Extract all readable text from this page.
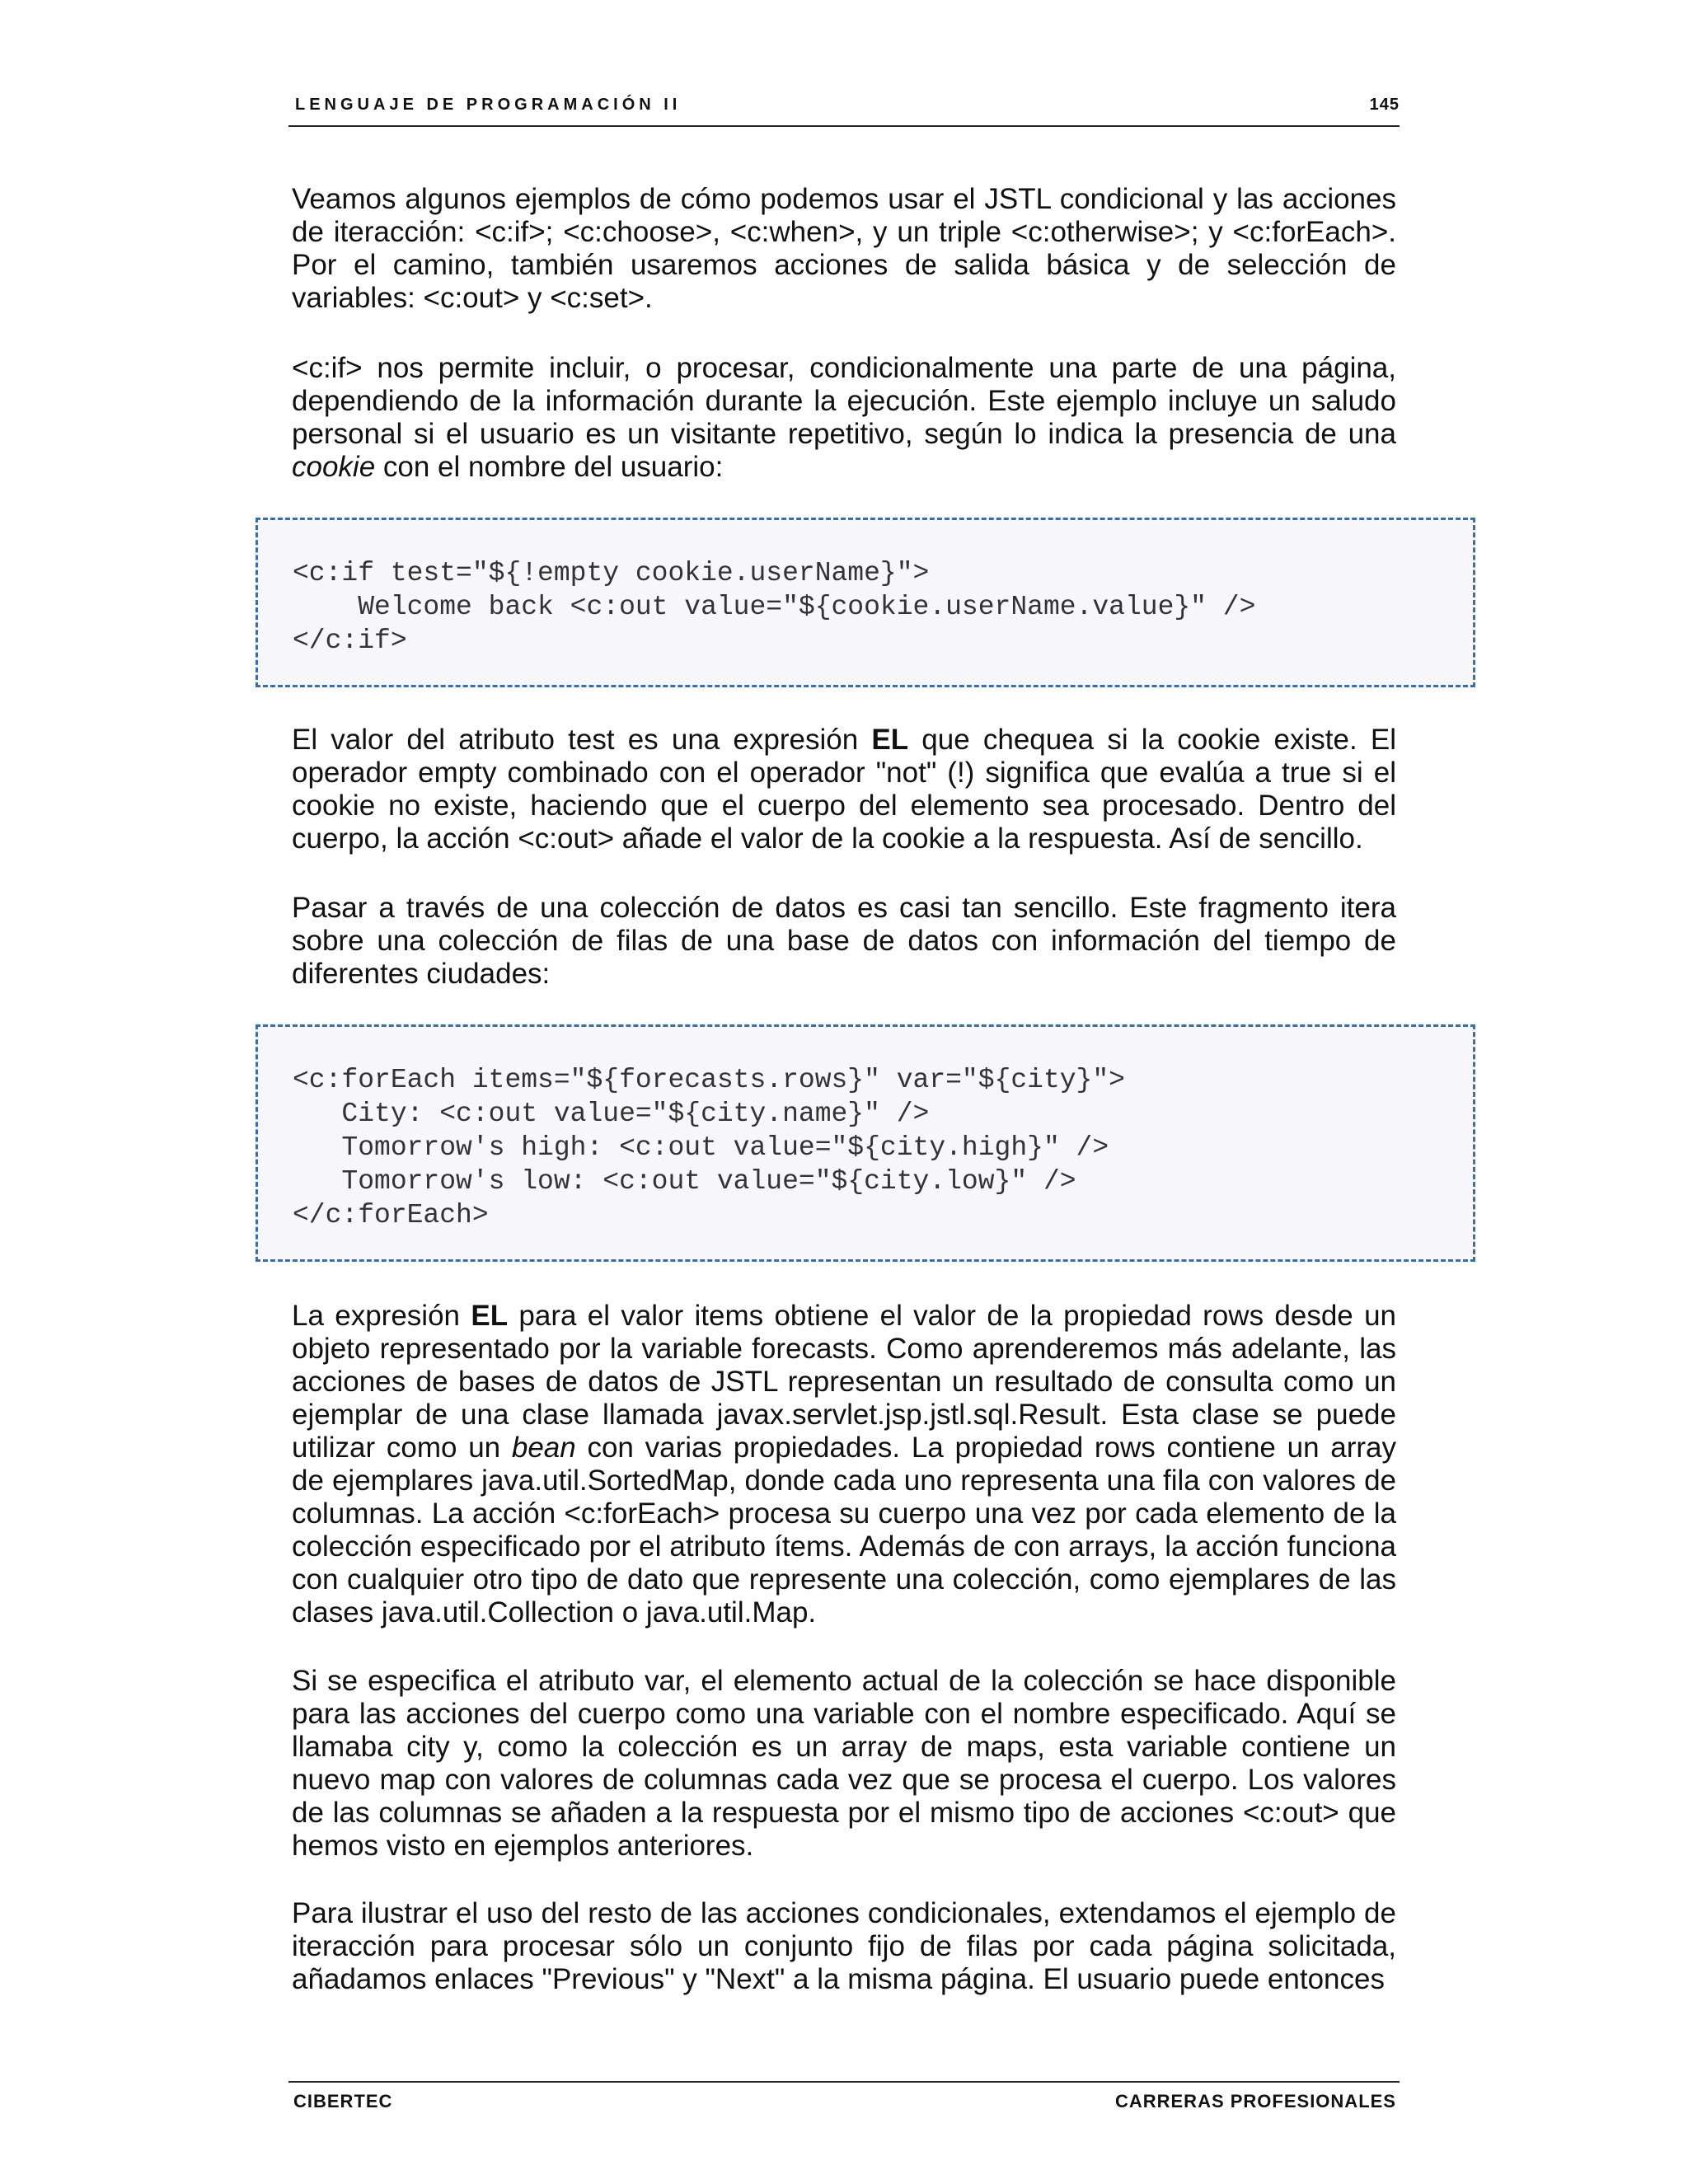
LENGUAJE DE PROGRAMACIÓN II	145

Veamos algunos ejemplos de cómo podemos usar el JSTL condicional y las acciones de iteracción: <c:if>; <c:choose>, <c:when>, y un triple <c:otherwise>; y <c:forEach>. Por el camino, también usaremos acciones de salida básica y de selección de variables: <c:out> y <c:set>.

<c:if> nos permite incluir, o procesar, condicionalmente una parte de una página, dependiendo de la información durante la ejecución. Este ejemplo incluye un saludo personal si el usuario es un visitante repetitivo, según lo indica la presencia de una cookie con el nombre del usuario:

<c:if test="${!empty cookie.userName}">
Welcome back <c:out value="${cookie.userName.value}" />
</c:if>

El valor del atributo test es una expresión EL que chequea si la cookie existe. El operador empty combinado con el operador "not" (!) significa que evalúa a true si el cookie no existe, haciendo que el cuerpo del elemento sea procesado. Dentro del cuerpo, la acción <c:out> añade el valor de la cookie a la respuesta. Así de sencillo.

Pasar a través de una colección de datos es casi tan sencillo. Este fragmento itera sobre una colección de filas de una base de datos con información del tiempo de diferentes ciudades:

<c:forEach items="${forecasts.rows}" var="${city}">
City: <c:out value="${city.name}" />
Tomorrow's high: <c:out value="${city.high}" />
Tomorrow's low: <c:out value="${city.low}" />
</c:forEach>

La expresión EL para el valor items obtiene el valor de la propiedad rows desde un objeto representado por la variable forecasts. Como aprenderemos más adelante, las acciones de bases de datos de JSTL representan un resultado de consulta como un ejemplar de una clase llamada javax.servlet.jsp.jstl.sql.Result. Esta clase se puede utilizar como un bean con varias propiedades. La propiedad rows contiene un array de ejemplares java.util.SortedMap, donde cada uno representa una fila con valores de columnas. La acción <c:forEach> procesa su cuerpo una vez por cada elemento de la colección especificado por el atributo ítems. Además de con arrays, la acción funciona con cualquier otro tipo de dato que represente una colección, como ejemplares de las clases java.util.Collection o java.util.Map.

Si se especifica el atributo var, el elemento actual de la colección se hace disponible para las acciones del cuerpo como una variable con el nombre especificado. Aquí se llamaba city y, como la colección es un array de maps, esta variable contiene un nuevo map con valores de columnas cada vez que se procesa el cuerpo. Los valores de las columnas se añaden a la respuesta por el mismo tipo de acciones <c:out> que hemos visto en ejemplos anteriores.

Para ilustrar el uso del resto de las acciones condicionales, extendamos el ejemplo de iteracción para procesar sólo un conjunto fijo de filas por cada página solicitada, añadamos enlaces "Previous" y "Next" a la misma página. El usuario puede entonces

CIBERTEC	CARRERAS PROFESIONALES
